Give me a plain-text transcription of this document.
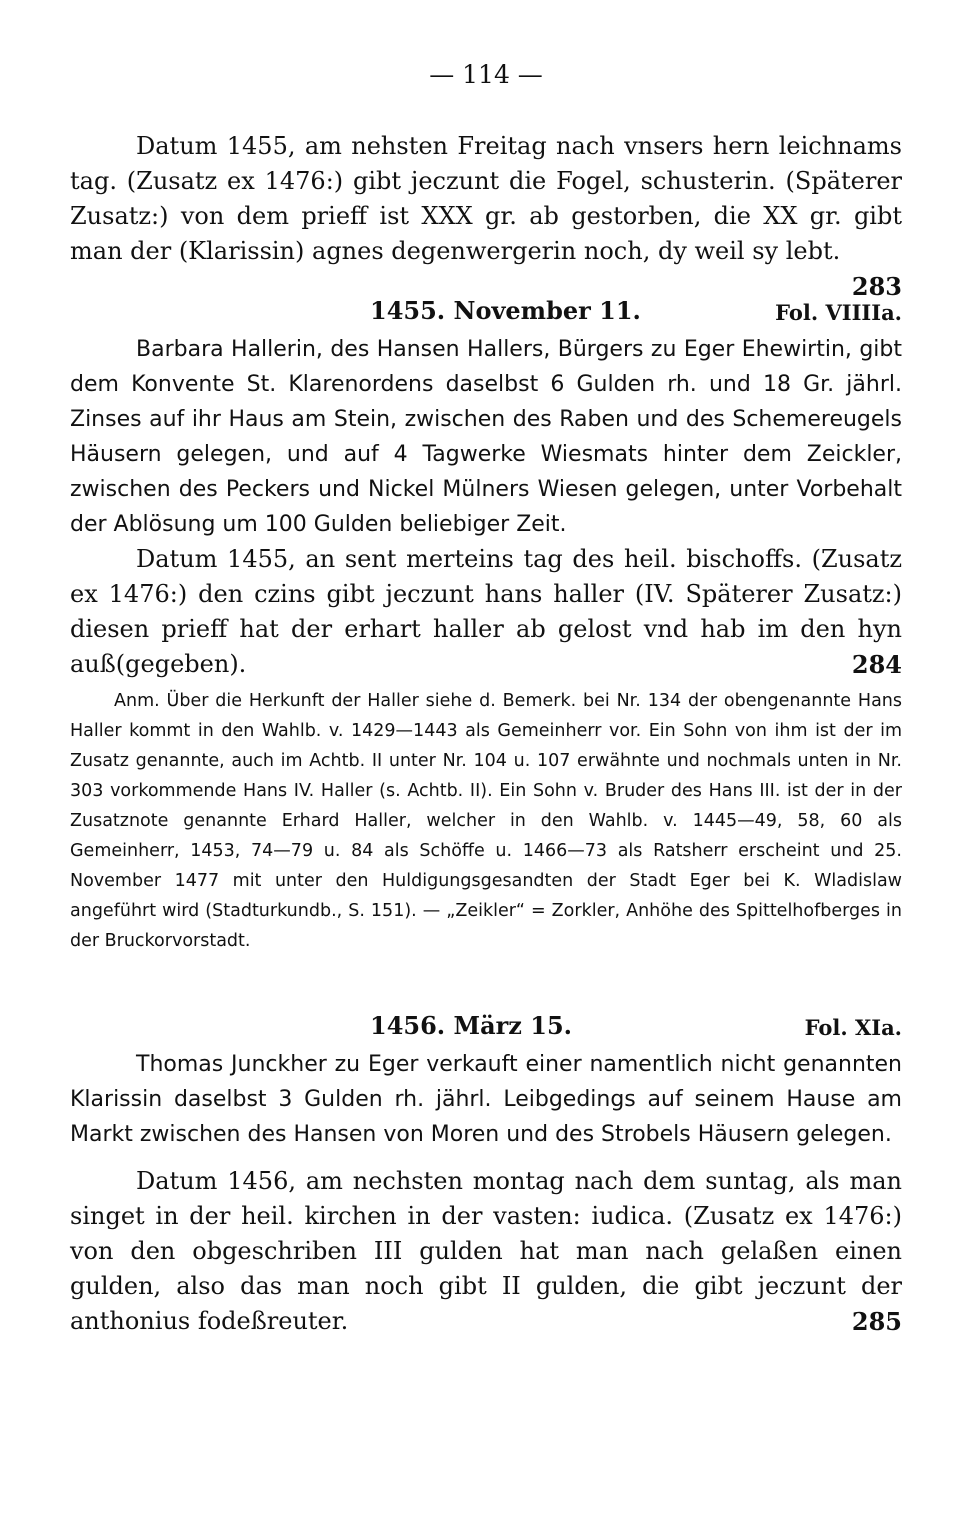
— 114 —

Datum 1455, am nehsten Freitag nach vnsers hern leichnams tag. (Zusatz ex 1476:) gibt jeczunt die Fogel, schusterin. (Späterer Zusatz:) von dem prieff ist XXX gr. ab gestorben, die XX gr. gibt man der (Klarissin) agnes degenwergerin noch, dy weil sy lebt.
283

1455. November 11.	Fol. VIIIIa.

Barbara Hallerin, des Hansen Hallers, Bürgers zu Eger Ehewirtin, gibt dem Konvente St. Klarenordens daselbst 6 Gulden rh. und 18 Gr. jährl. Zinses auf ihr Haus am Stein, zwischen des Raben und des Schemereugels Häusern gelegen, und auf 4 Tagwerke Wiesmats hinter dem Zeickler, zwischen des Peckers und Nickel Mülners Wiesen gelegen, unter Vorbehalt der Ablösung um 100 Gulden beliebiger Zeit.

Datum 1455, an sent merteins tag des heil. bischoffs. (Zusatz ex 1476:) den czins gibt jeczunt hans haller (IV. Späterer Zusatz:) diesen prieff hat der erhart haller ab gelost vnd hab im den hyn auß(gegeben).	284

Anm. Über die Herkunft der Haller siehe d. Bemerk. bei Nr. 134 der obengenannte Hans Haller kommt in den Wahlb. v. 1429—1443 als Gemeinherr vor. Ein Sohn von ihm ist der im Zusatz genannte, auch im Achtb. II unter Nr. 104 u. 107 erwähnte und nochmals unten in Nr. 303 vorkommende Hans IV. Haller (s. Achtb. II). Ein Sohn v. Bruder des Hans III. ist der in der Zusatznote genannte Erhard Haller, welcher in den Wahlb. v. 1445—49, 58, 60 als Gemeinherr, 1453, 74—79 u. 84 als Schöffe u. 1466—73 als Ratsherr erscheint und 25. November 1477 mit unter den Huldigungsgesandten der Stadt Eger bei K. Wladislaw angeführt wird (Stadturkundb., S. 151). — „Zeikler“ = Zorkler, Anhöhe des Spittelhofberges in der Bruckorvorstadt.

1456. März 15.	Fol. XIa.

Thomas Junckher zu Eger verkauft einer namentlich nicht genannten Klarissin daselbst 3 Gulden rh. jährl. Leibgedings auf seinem Hause am Markt zwischen des Hansen von Moren und des Strobels Häusern gelegen.

Datum 1456, am nechsten montag nach dem suntag, als man singet in der heil. kirchen in der vasten: iudica. (Zusatz ex 1476:) von den obgeschriben III gulden hat man nach gelaßen einen gulden, also das man noch gibt II gulden, die gibt jeczunt der anthonius fodeßreuter.	285
